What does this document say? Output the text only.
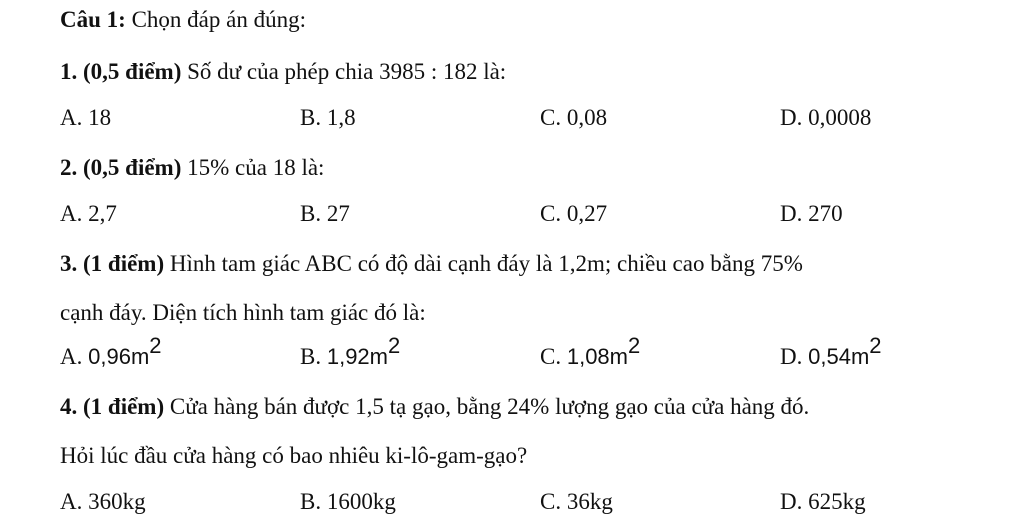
Câu 1: Chọn đáp án đúng:
1. (0,5 điểm) Số dư của phép chia 3985 : 182 là:
A. 18	B. 1,8	C. 0,08	D. 0,0008
2. (0,5 điểm) 15% của 18 là:
A. 2,7	B. 27	C. 0,27	D. 270
3. (1 điểm) Hình tam giác ABC có độ dài cạnh đáy là 1,2m; chiều cao bằng 75%
cạnh đáy. Diện tích hình tam giác đó là:
A. $0,96m^2$	B. $1,92m^2$	C. $1,08m^2$	D. $0,54m^2$
4. (1 điểm) Cửa hàng bán được 1,5 tạ gạo, bằng 24% lượng gạo của cửa hàng đó.
Hỏi lúc đầu cửa hàng có bao nhiêu ki-lô-gam-gạo?
A. 360kg	B. 1600kg	C. 36kg	D. 625kg
